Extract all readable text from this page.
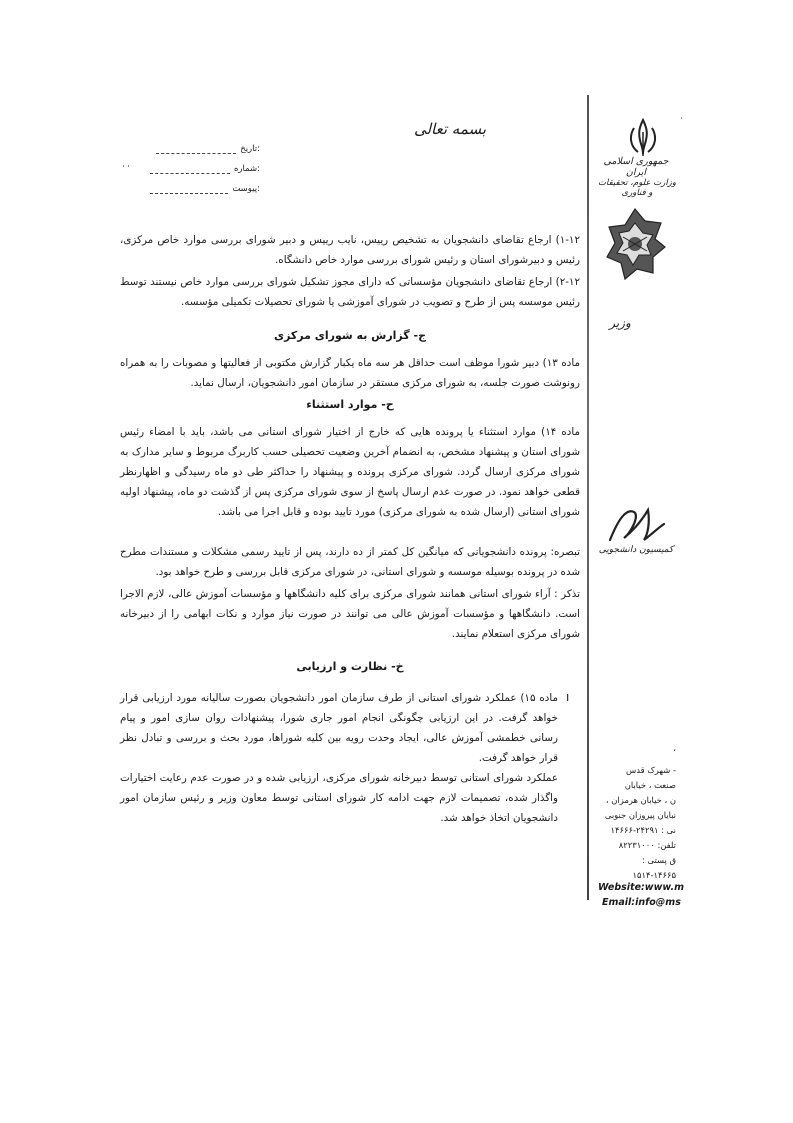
بسمه تعالی
·
جمهوری اسلامی ایران
وزارت علوم، تحقیقات و فناوری
وزیر
تاریخ:
شماره:
پیوست:
˙˙
۱-۱۲) ارجاع تقاضای دانشجویان به تشخیص رییس، نایب رییس و دبیر شورای بررسی موارد خاص مرکزی، رئیس و دبیرشورای استان و رئیس شورای بررسی موارد خاص دانشگاه.
۲-۱۲) ارجاع تقاضای دانشجویان مؤسساتی که دارای مجوز تشکیل شورای بررسی موارد خاص نیستند توسط رئیس موسسه پس از طرح و تصویب در شورای آموزشی یا شورای تحصیلات تکمیلی مؤسسه.
ج- گزارش به شورای مرکزی
ماده ۱۳) دبیر شورا موظف است حداقل هر سه ماه یکبار گزارش مکتوبی از فعالیتها و مصوبات را به همراه رونوشت صورت جلسه، به شورای مرکزی مستقر در سازمان امور دانشجویان، ارسال نماید.
ح- موارد استثناء
ماده ۱۴) موارد استثناء یا پرونده هایی که خارج از اختیار شورای استانی می باشد، باید با امضاء رئیس شورای استان و پیشنهاد مشخص، به انضمام آخرین وضعیت تحصیلی حسب کاربرگ مربوط و سایر مدارک به شورای مرکزی ارسال گردد. شورای مرکزی پرونده و پیشنهاد را حداکثر طی دو ماه رسیدگی و اظهارنظر قطعی خواهد نمود. در صورت عدم ارسال پاسخ از سوی شورای مرکزی پس از گذشت دو ماه، پیشنهاد اولیه شورای استانی (ارسال شده به شورای مرکزی) مورد تایید بوده و قابل اجرا می باشد.
تبصره: پرونده دانشجویانی که میانگین کل کمتر از ده دارند، پس از تایید رسمی مشکلات و مستندات مطرح شده در پرونده بوسیله موسسه و شورای استانی، در شورای مرکزی قابل بررسی و طرح خواهد بود.
تذکر : آراء شورای استانی همانند شورای مرکزی برای کلیه دانشگاهها و مؤسسات آموزش عالی، لازم الاجرا است. دانشگاهها و مؤسسات آموزش عالی می توانند در صورت نیاز موارد و نکات ابهامی را از دبیرخانه شورای مرکزی استعلام نمایند.
خ- نظارت و ارزیابی
ı
ماده ۱۵) عملکرد شورای استانی از طرف سازمان امور دانشجویان بصورت سالیانه مورد ارزیابی قرار خواهد گرفت. در این ارزیابی چگونگی انجام امور جاری شورا، پیشنهادات روان سازی امور و پیام رسانی خطمشی آموزش عالی، ایجاد وحدت رویه بین کلیه شوراها، مورد بحث و بررسی و تبادل نظر قرار خواهد گرفت.
عملکرد شورای استانی توسط دبیرخانه شورای مرکزی، ارزیابی شده و در صورت عدم رعایت اختیارات واگذار شده، تصمیمات لازم جهت ادامه کار شورای استانی توسط معاون وزیر و رئیس سازمان امور دانشجویان اتخاذ خواهد شد.
کمیسیون دانشجویی
،
- شهرک قدس
صنعت ، خیابان
ن ، خیابان هرمزان ،
نبایان پیروزان جنوبی
نی : ۲۴۲۹۱-۱۴۶۶۶
تلفن: ۸۲۲۳۱۰۰۰
ق پستی :
۱۵۱۴-۱۴۶۶۵
Website:www.m
Email:info@ms
